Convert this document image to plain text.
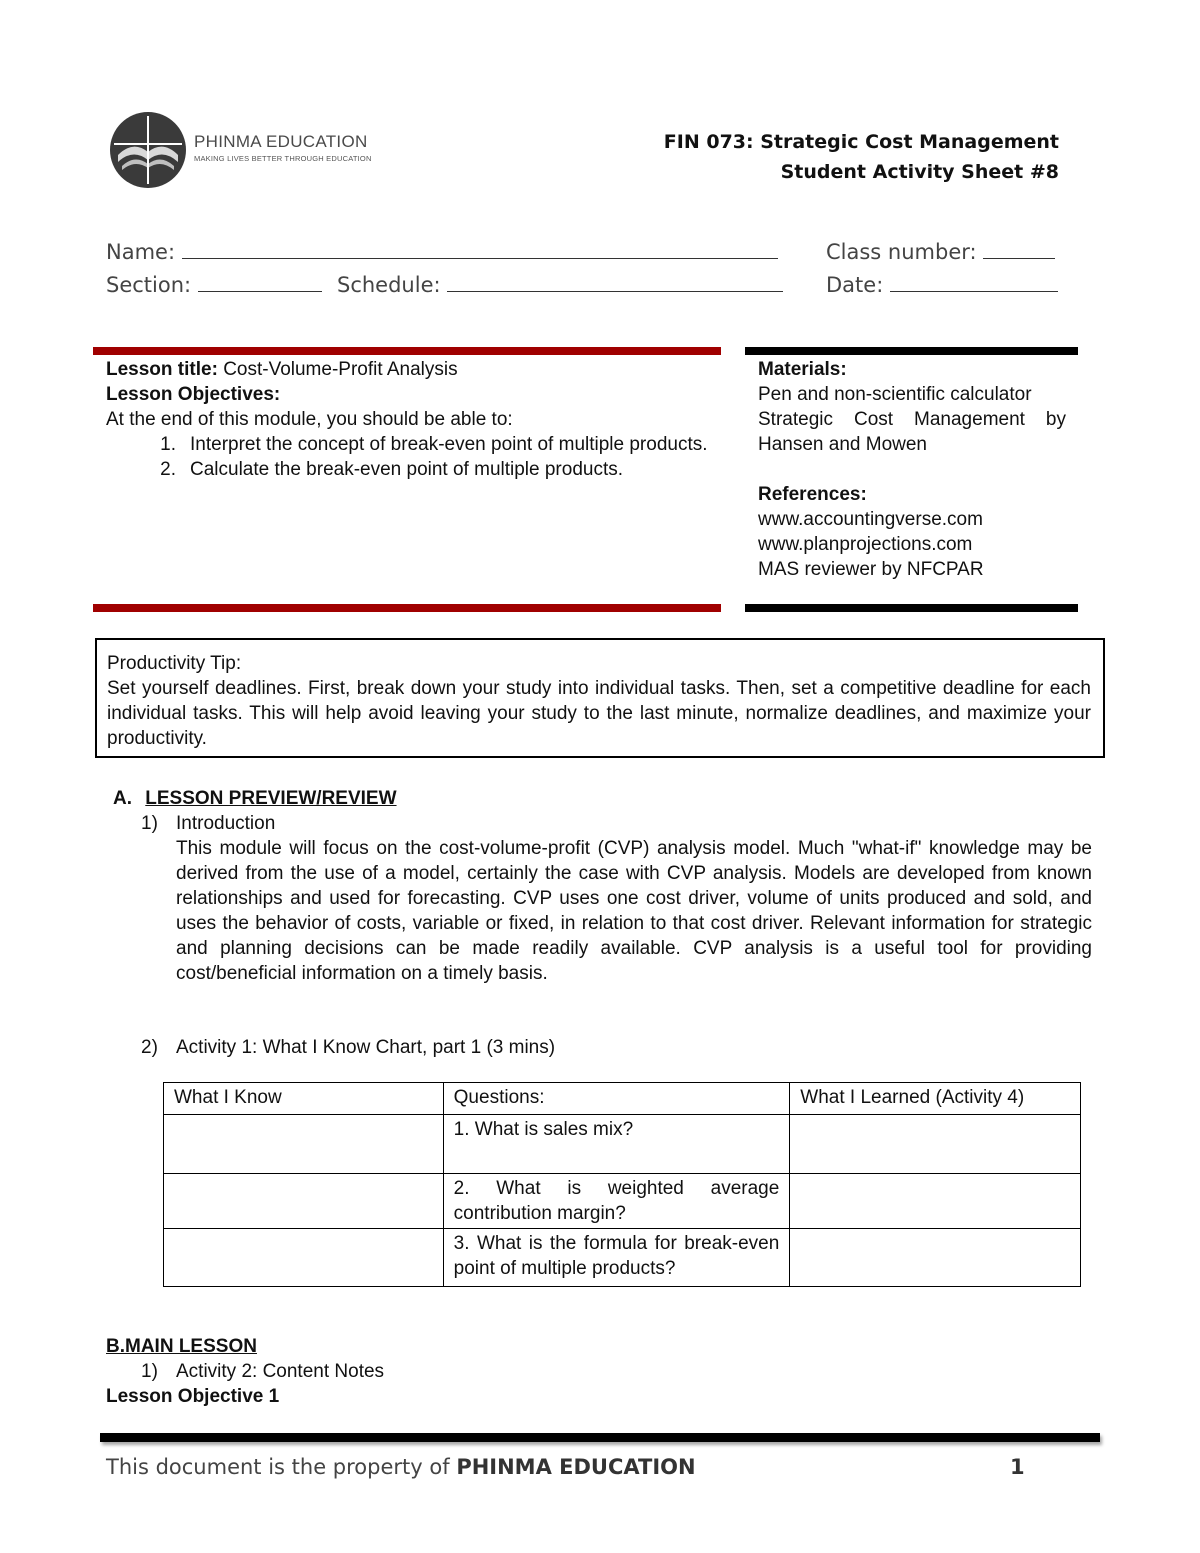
PHINMA EDUCATION
MAKING LIVES BETTER THROUGH EDUCATION
FIN 073: Strategic Cost Management
Student Activity Sheet #8
Name:	Class number:
Section:	Schedule:	Date:
Lesson title: Cost-Volume-Profit Analysis
Lesson Objectives:
At the end of this module, you should be able to:
1. Interpret the concept of break-even point of multiple products.
2. Calculate the break-even point of multiple products.
Materials:
Pen and non-scientific calculator
Strategic Cost Management by Hansen and Mowen
References:
www.accountingverse.com
www.planprojections.com
MAS reviewer by NFCPAR
Productivity Tip:
Set yourself deadlines. First, break down your study into individual tasks. Then, set a competitive deadline for each individual tasks. This will help avoid leaving your study to the last minute, normalize deadlines, and maximize your productivity.
A. LESSON PREVIEW/REVIEW
1) Introduction
This module will focus on the cost-volume-profit (CVP) analysis model. Much "what-if" knowledge may be derived from the use of a model, certainly the case with CVP analysis. Models are developed from known relationships and used for forecasting. CVP uses one cost driver, volume of units produced and sold, and uses the behavior of costs, variable or fixed, in relation to that cost driver. Relevant information for strategic and planning decisions can be made readily available. CVP analysis is a useful tool for providing cost/beneficial information on a timely basis.
2) Activity 1: What I Know Chart, part 1 (3 mins)
What I Know	Questions:	What I Learned (Activity 4)
	1. What is sales mix?	
	2. What is weighted average contribution margin?	
	3. What is the formula for break-even point of multiple products?	
B.MAIN LESSON
1) Activity 2: Content Notes
Lesson Objective 1
This document is the property of PHINMA EDUCATION	1
